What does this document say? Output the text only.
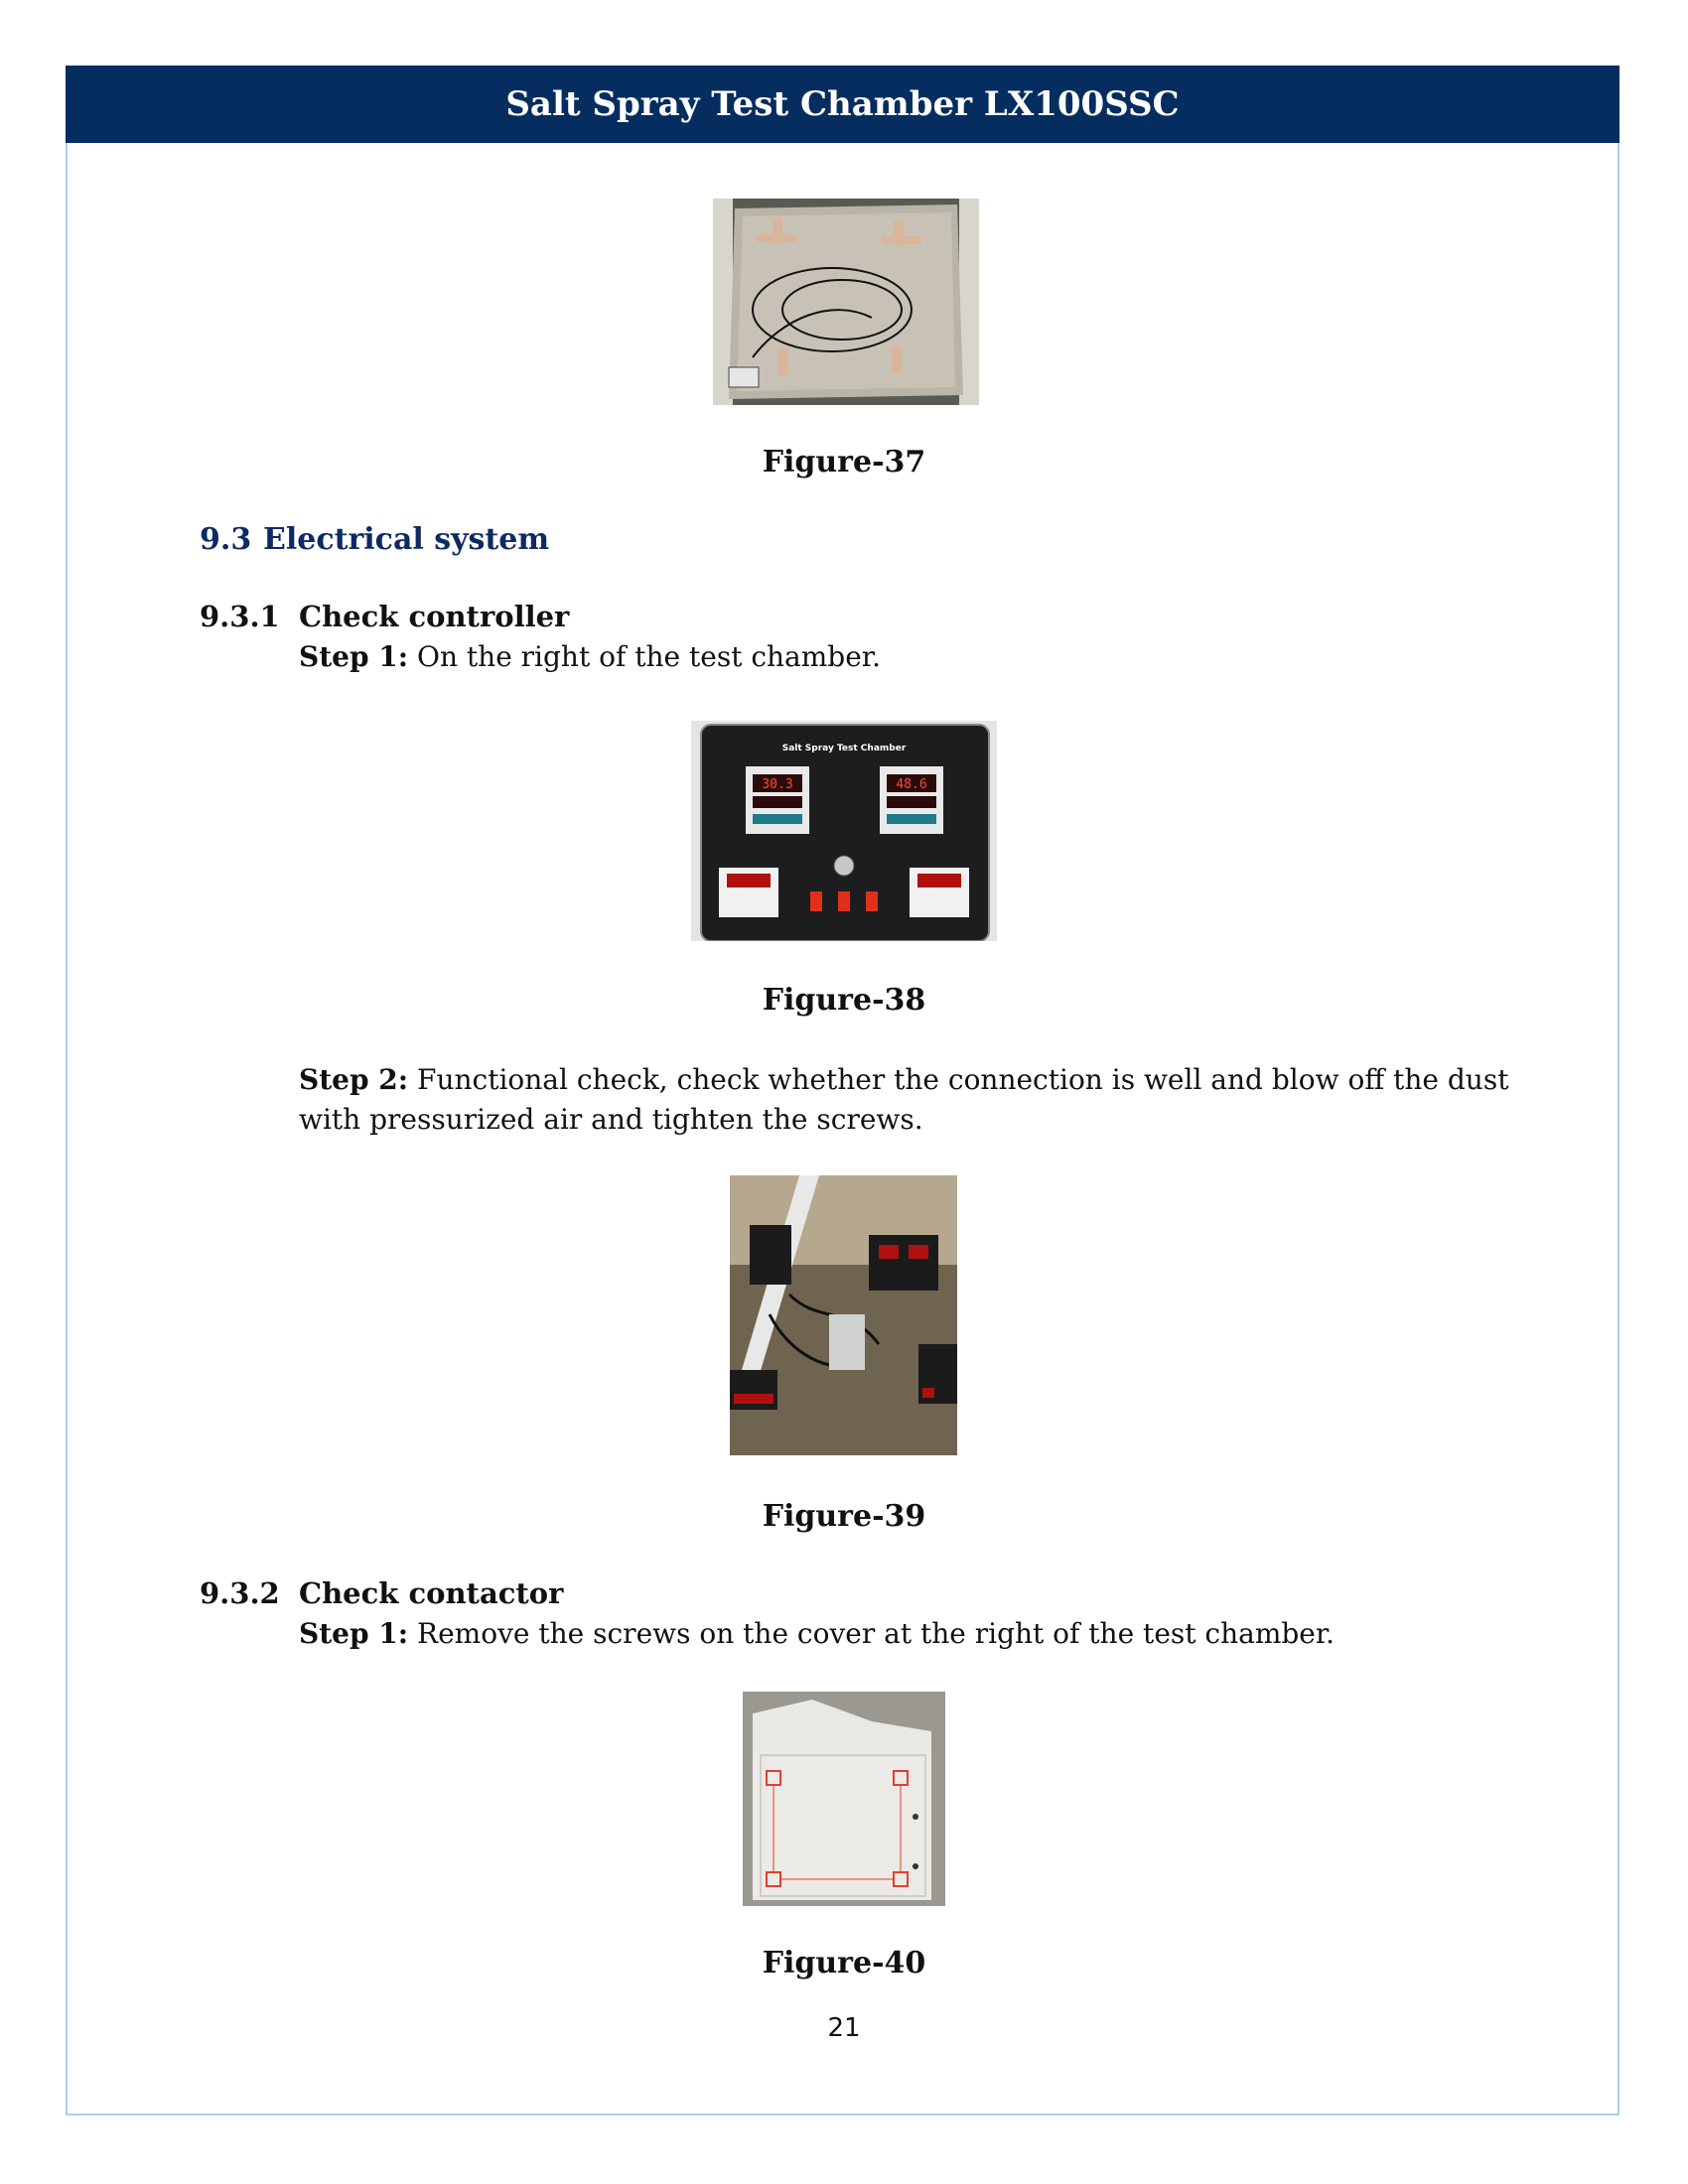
Salt Spray Test Chamber LX100SSC
Figure-37
9.3 Electrical system
9.3.1 Check controller
Step 1: On the right of the test chamber.
Salt Spray Test Chamber
30.3	48.6
Figure-38
Step 2: Functional check, check whether the connection is well and blow off the dust with pressurized air and tighten the screws.
Figure-39
9.3.2 Check contactor
Step 1: Remove the screws on the cover at the right of the test chamber.
Figure-40
21
